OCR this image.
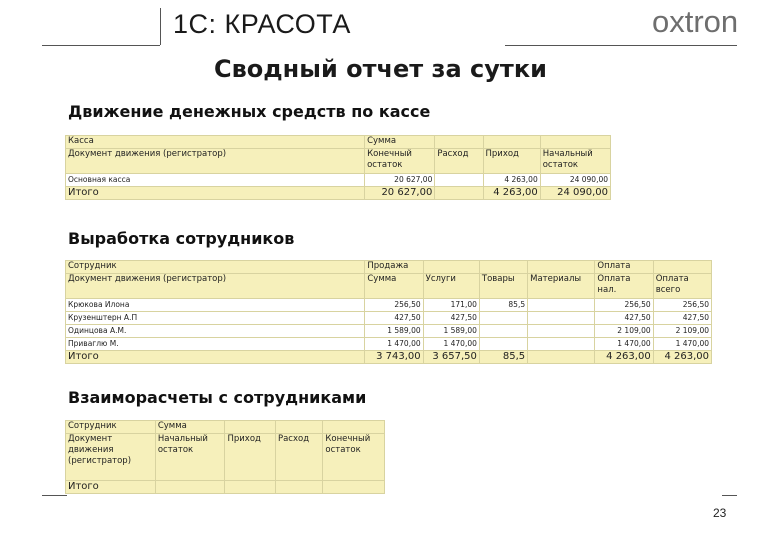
1С: КРАСОТА	oxtron
Сводный отчет за сутки
Движение денежных средств по кассе
Касса	Сумма			
Документ движения (регистратор)	Конечный остаток	Расход	Приход	Начальный остаток
Основная касса	20 627,00		4 263,00	24 090,00
Итого	20 627,00		4 263,00	24 090,00
Выработка сотрудников
Сотрудник	Продажа				Оплата	
Документ движения (регистратор)	Сумма	Услуги	Товары	Материалы	Оплата нал.	Оплата всего
Крюкова Илона	256,50	171,00	85,5		256,50	256,50
Крузенштерн А.П	427,50	427,50			427,50	427,50
Одинцова А.М.	1 589,00	1 589,00			2 109,00	2 109,00
Приваглю М.	1 470,00	1 470,00			1 470,00	1 470,00
Итого	3 743,00	3 657,50	85,5		4 263,00	4 263,00
Взаиморасчеты с сотрудниками
Сотрудник	Сумма			
Документ движения (регистратор)	Начальный остаток	Приход	Расход	Конечный остаток
Итого				
23
